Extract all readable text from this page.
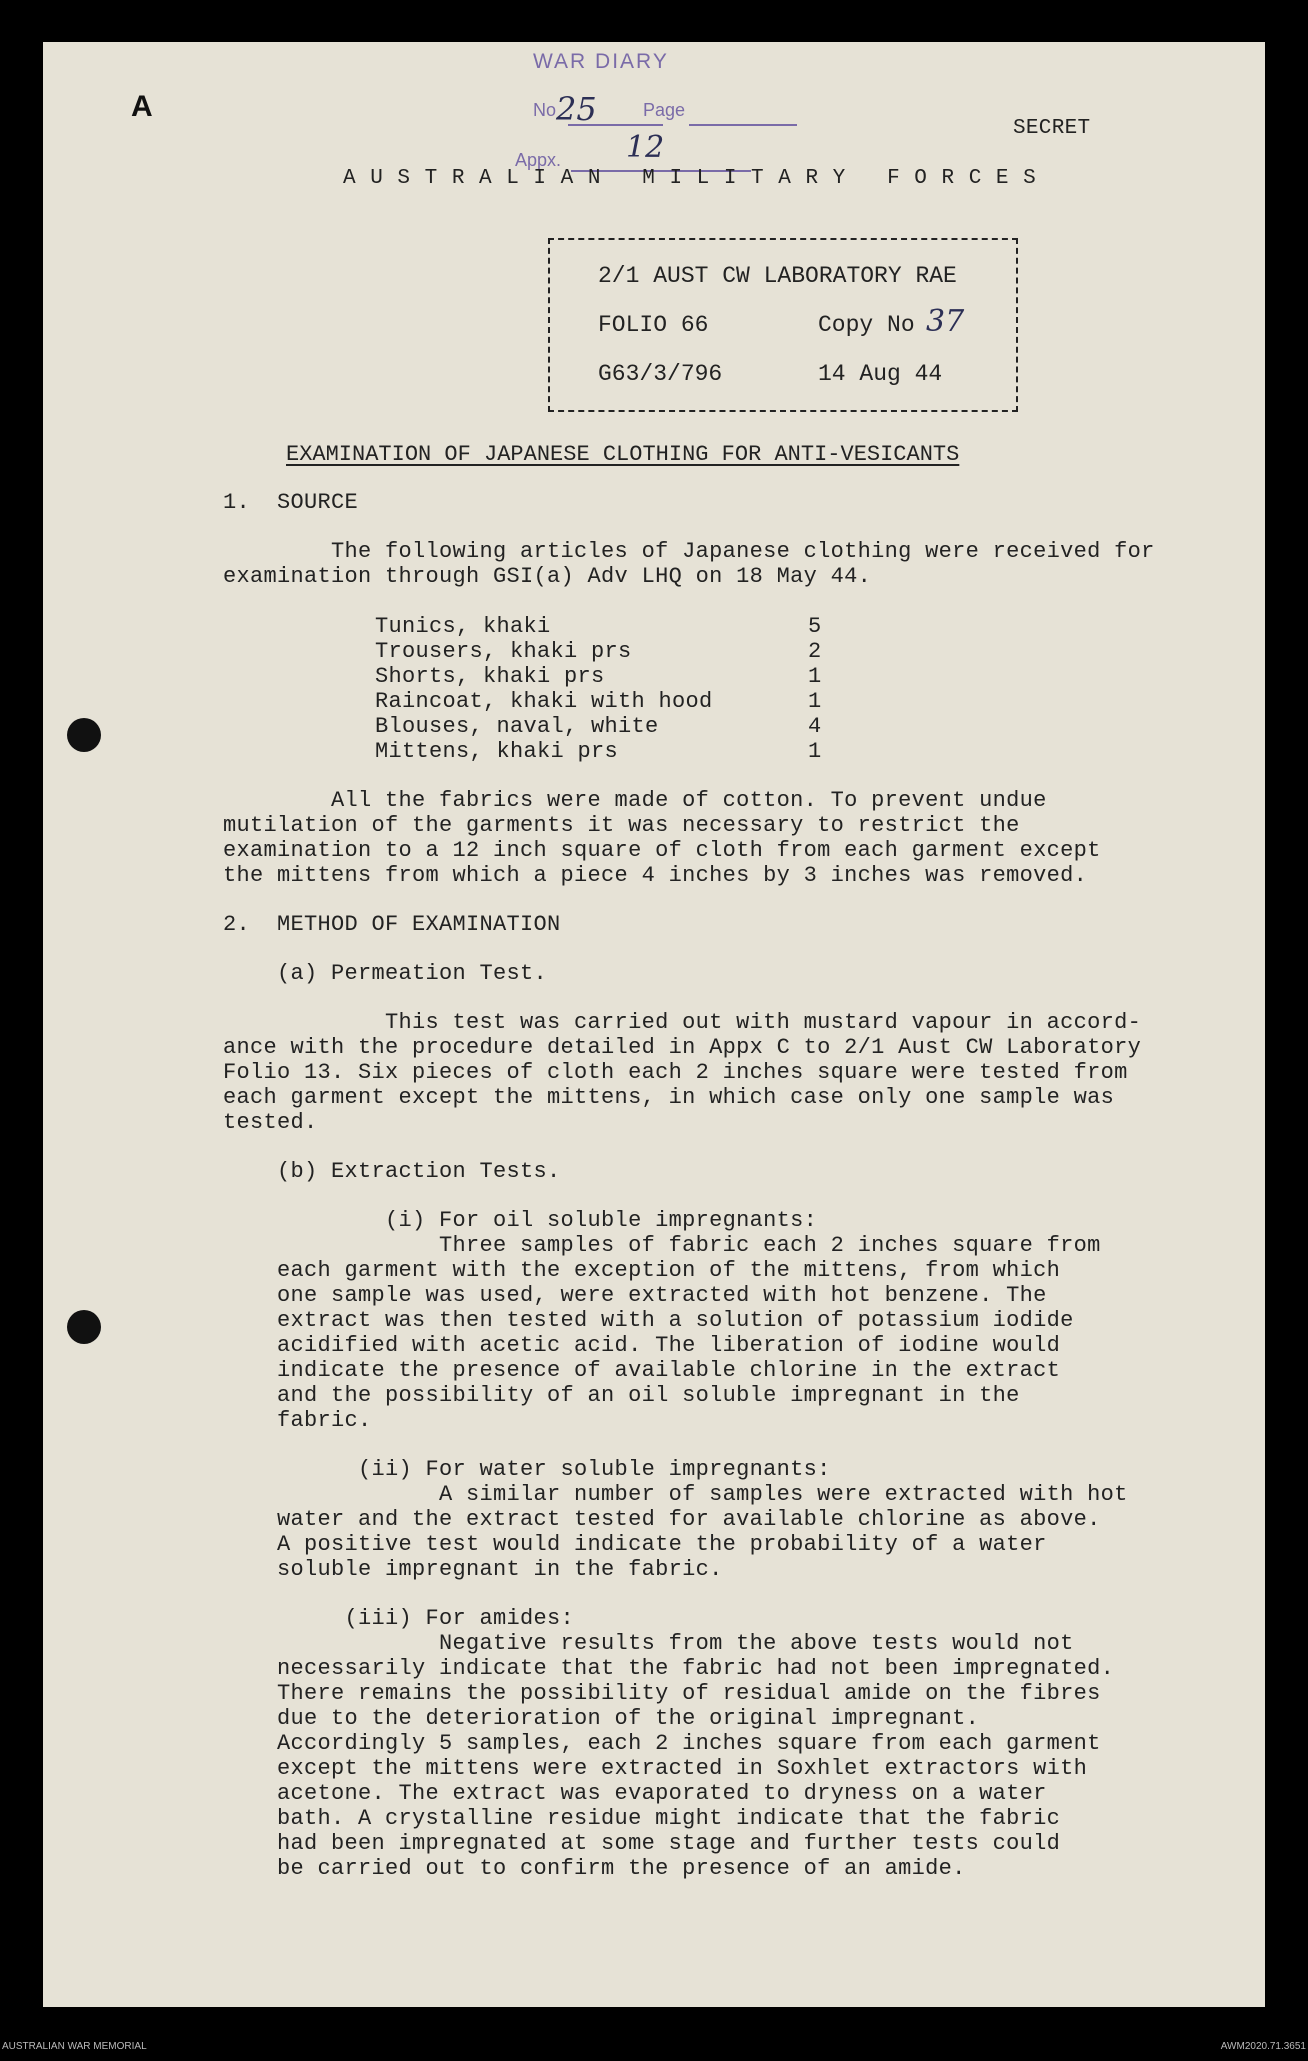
A
WAR DIARY
No	Page
Appx.
25
12
SECRET
A U S T R A L I A N   M I L I T A R Y   F O R C E S
2/1 AUST CW LABORATORY RAE
FOLIO 66	Copy No 37
G63/3/796	14 Aug 44
EXAMINATION OF JAPANESE CLOTHING FOR ANTI-VESICANTS
1.  SOURCE
The following articles of Japanese clothing were received for
examination through GSI(a) Adv LHQ on 18 May 44.
Tunics, khaki	5
Trousers, khaki prs	2
Shorts, khaki prs	1
Raincoat, khaki with hood	1
Blouses, naval, white	4
Mittens, khaki prs	1
All the fabrics were made of cotton. To prevent undue
mutilation of the garments it was necessary to restrict the
examination to a 12 inch square of cloth from each garment except
the mittens from which a piece 4 inches by 3 inches was removed.
2.  METHOD OF EXAMINATION
(a) Permeation Test.
This test was carried out with mustard vapour in accord-
ance with the procedure detailed in Appx C to 2/1 Aust CW Laboratory
Folio 13. Six pieces of cloth each 2 inches square were tested from
each garment except the mittens, in which case only one sample was
tested.
(b) Extraction Tests.
(i) For oil soluble impregnants:
Three samples of fabric each 2 inches square from
each garment with the exception of the mittens, from which
one sample was used, were extracted with hot benzene. The
extract was then tested with a solution of potassium iodide
acidified with acetic acid. The liberation of iodine would
indicate the presence of available chlorine in the extract
and the possibility of an oil soluble impregnant in the
fabric.
(ii) For water soluble impregnants:
A similar number of samples were extracted with hot
water and the extract tested for available chlorine as above.
A positive test would indicate the probability of a water
soluble impregnant in the fabric.
(iii) For amides:
Negative results from the above tests would not
necessarily indicate that the fabric had not been impregnated.
There remains the possibility of residual amide on the fibres
due to the deterioration of the original impregnant.
Accordingly 5 samples, each 2 inches square from each garment
except the mittens were extracted in Soxhlet extractors with
acetone. The extract was evaporated to dryness on a water
bath. A crystalline residue might indicate that the fabric
had been impregnated at some stage and further tests could
be carried out to confirm the presence of an amide.
AUSTRALIAN WAR MEMORIAL	AWM2020.71.3651
